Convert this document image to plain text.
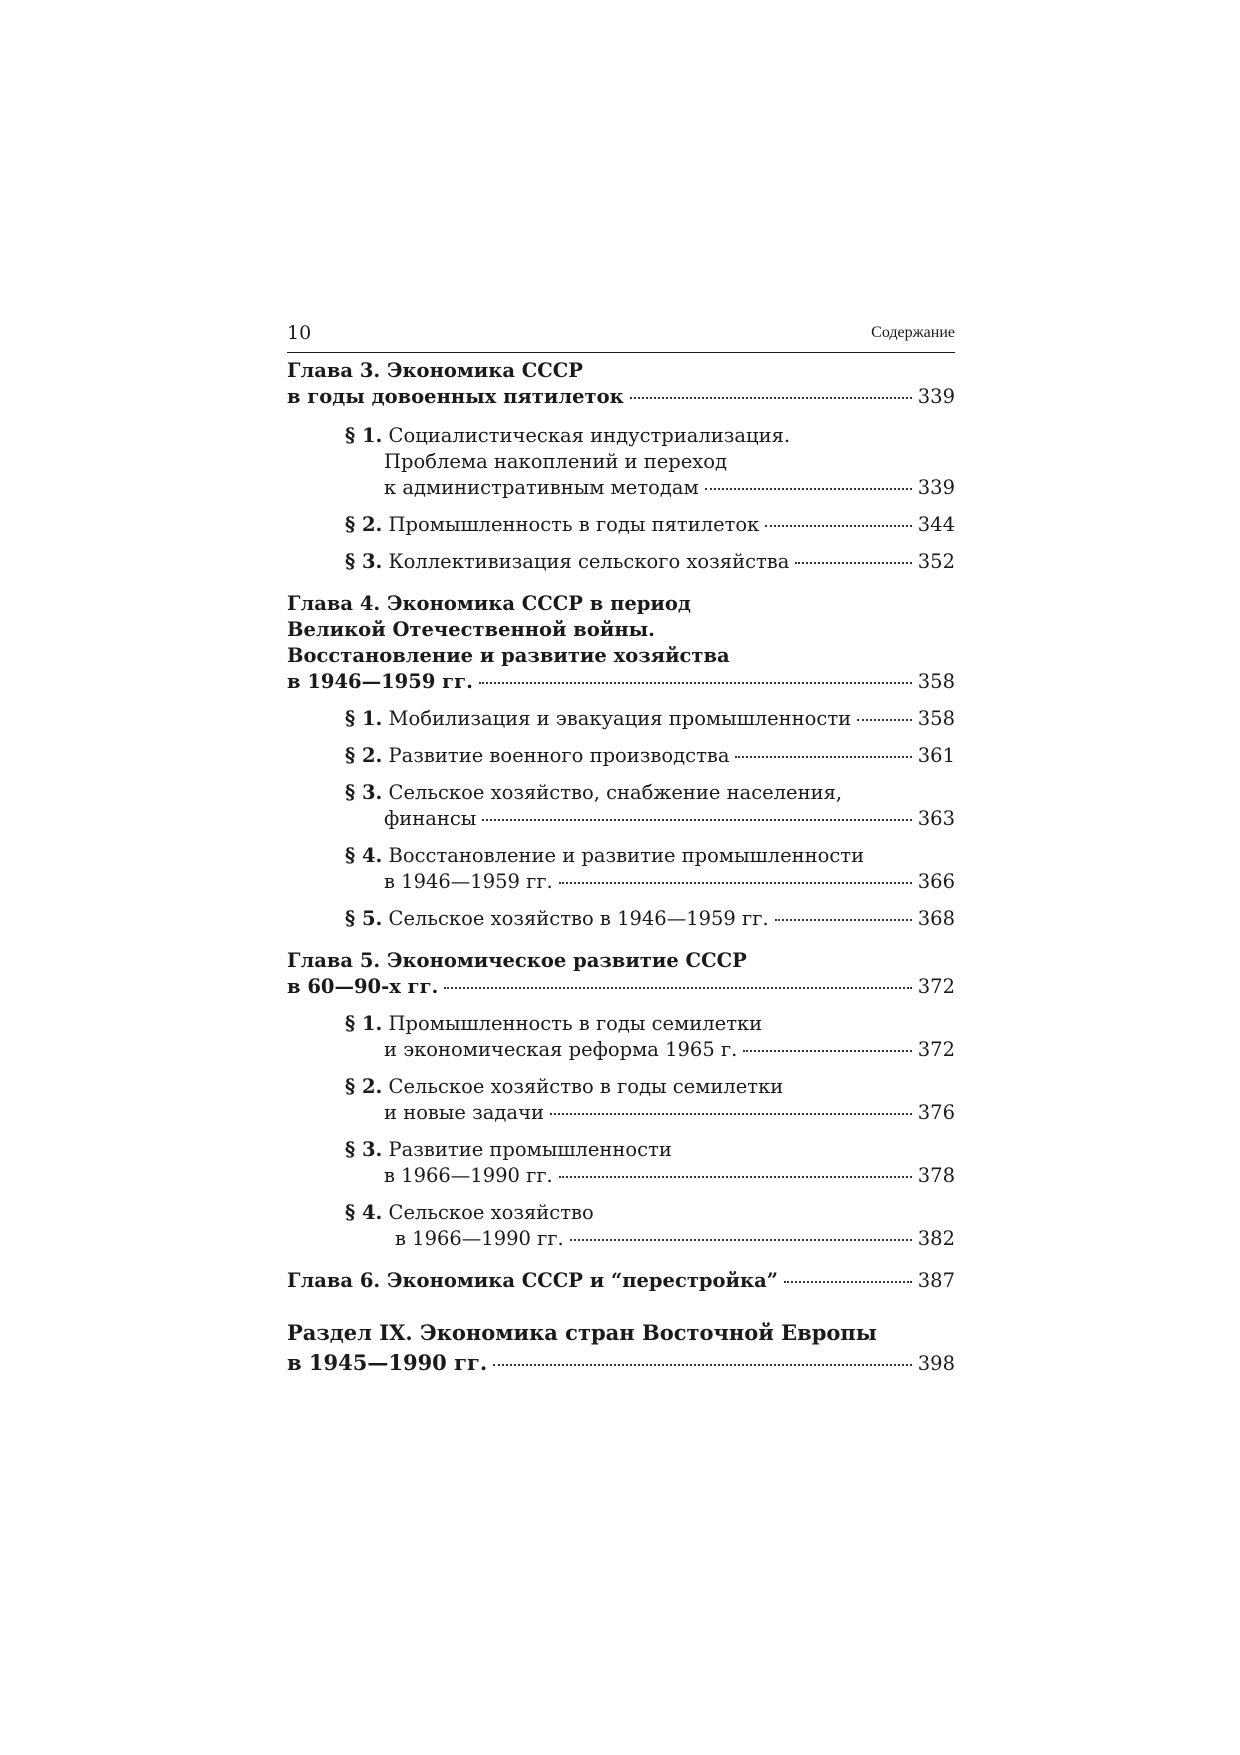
10	Содержание
Глава 3. Экономика СССР
в годы довоенных пятилеток	339
§ 1. Социалистическая индустриализация.
Проблема накоплений и переход
к административным методам	339
§ 2. Промышленность в годы пятилеток	344
§ 3. Коллективизация сельского хозяйства	352
Глава 4. Экономика СССР в период
Великой Отечественной войны.
Восстановление и развитие хозяйства
в 1946—1959 гг.	358
§ 1. Мобилизация и эвакуация промышленности	358
§ 2. Развитие военного производства	361
§ 3. Сельское хозяйство, снабжение населения,
финансы	363
§ 4. Восстановление и развитие промышленности
в 1946—1959 гг.	366
§ 5. Сельское хозяйство в 1946—1959 гг.	368
Глава 5. Экономическое развитие СССР
в 60—90-х гг.	372
§ 1. Промышленность в годы семилетки
и экономическая реформа 1965 г.	372
§ 2. Сельское хозяйство в годы семилетки
и новые задачи	376
§ 3. Развитие промышленности
в 1966—1990 гг.	378
§ 4. Сельское хозяйство
в 1966—1990 гг.	382
Глава 6. Экономика СССР и “перестройка”	387
Раздел IX. Экономика стран Восточной Европы
в 1945—1990 гг.	398
